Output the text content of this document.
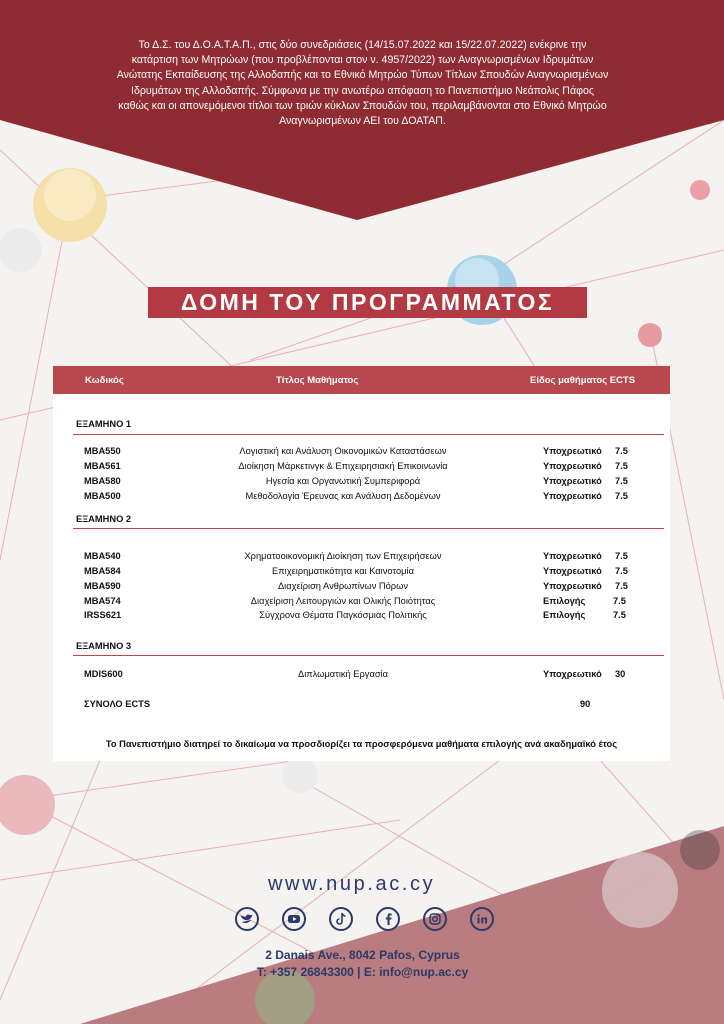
Το Δ.Σ. του Δ.Ο.Α.Τ.Α.Π., στις δύο συνεδριάσεις (14/15.07.2022 και 15/22.07.2022) ενέκρινε την κατάρτιση των Μητρώων (που προβλέπονται στον ν. 4957/2022) των Αναγνωρισμένων Ιδρυμάτων Ανώτατης Εκπαίδευσης της Αλλοδαπής και το Εθνικό Μητρώο Τύπων Τίτλων Σπουδών Αναγνωρισμένων Ιδρυμάτων της Αλλοδαπής. Σύμφωνα με την ανωτέρω απόφαση το Πανεπιστήμιο Νεάπολις Πάφος καθώς και οι απονεμόμενοι τίτλοι των τριών κύκλων Σπουδών του, περιλαμβάνονται στο Εθνικό Μητρώο Αναγνωρισμένων ΑΕΙ του ΔΟΑΤΑΠ.
ΔΟΜΗ ΤΟΥ ΠΡΟΓΡΑΜΜΑΤΟΣ
Κωδικός	Τίτλος Μαθήματος	Είδος μαθήματος ECTS
ΕΞΑΜΗΝΟ 1
MBA550	Λογιστική και Ανάλυση Οικονομικών Καταστάσεων	Υποχρεωτικό 7.5
MBA561	Διοίκηση Μάρκετινγκ & Επιχειρησιακή Επικοινωνία	Υποχρεωτικό 7.5
MBA580	Ηγεσία και Οργανωτική Συμπεριφορά	Υποχρεωτικό 7.5
MBA500	Μεθοδολογία Έρευνας και Ανάλυση Δεδομένων	Υποχρεωτικό 7.5
ΕΞΑΜΗΝΟ 2
MBA540	Χρηματοοικονομική Διοίκηση των Επιχειρήσεων	Υποχρεωτικό 7.5
MBA584	Επιχειρηματικότητα και Καινοτομία	Υποχρεωτικό 7.5
MBA590	Διαχείριση Ανθρωπίνων Πόρων	Υποχρεωτικό 7.5
MBA574	Διαχείριση Λειτουργιών και Ολικής Ποιότητας	Επιλογής	7.5
IRSS621	Σύγχρονα Θέματα Παγκόσμιας Πολιτικής	Επιλογής	7.5
ΕΞΑΜΗΝΟ 3
MDIS600	Διπλωματική Εργασία	Υποχρεωτικό 30
ΣΥΝΟΛΟ ECTS	90
Το Πανεπιστήμιο διατηρεί το δικαίωμα να προσδιορίζει τα προσφερόμενα μαθήματα επιλογής ανά ακαδημαϊκό έτος
www.nup.ac.cy
2 Danais Ave., 8042 Pafos, Cyprus
T: +357 26843300 | E: info@nup.ac.cy
